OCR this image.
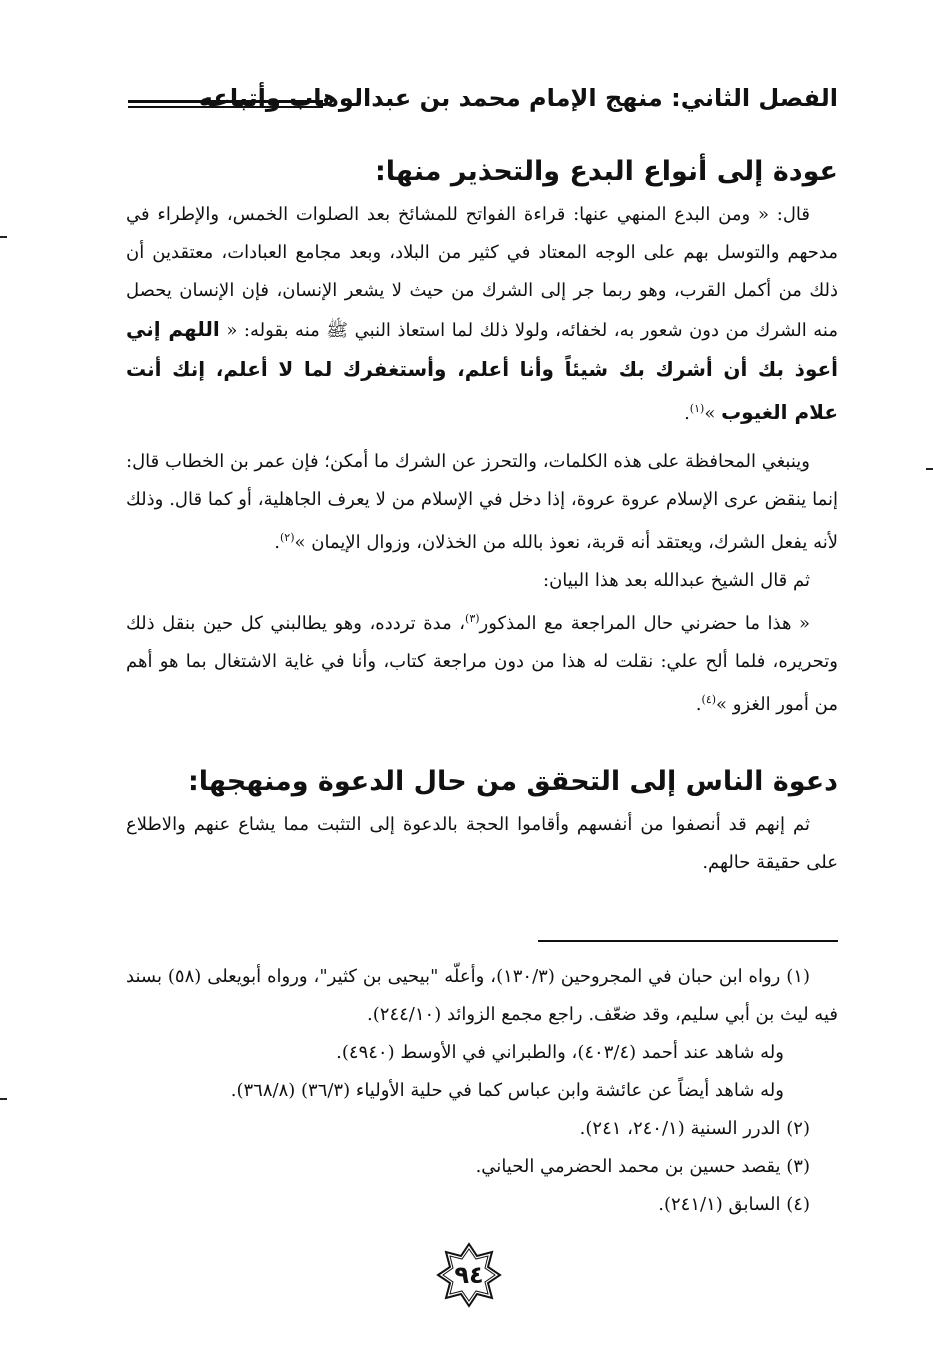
الفصل الثاني: منهج الإمام محمد بن عبدالوهاب وأتباعه
عودة إلى أنواع البدع والتحذير منها:

قال: « ومن البدع المنهي عنها: قراءة الفواتح للمشائخ بعد الصلوات الخمس، والإطراء في مدحهم والتوسل بهم على الوجه المعتاد في كثير من البلاد، وبعد مجامع العبادات، معتقدين أن ذلك من أكمل القرب، وهو ربما جر إلى الشرك من حيث لا يشعر الإنسان، فإن الإنسان يحصل منه الشرك من دون شعور به، لخفائه، ولولا ذلك لما استعاذ النبي ﷺ منه بقوله: « اللهم إني أعوذ بك أن أشرك بك شيئاً وأنا أعلم، وأستغفرك لما لا أعلم، إنك أنت علام الغيوب »$^{(١)}$.

وينبغي المحافظة على هذه الكلمات، والتحرز عن الشرك ما أمكن؛ فإن عمر بن الخطاب قال: إنما ينقض عرى الإسلام عروة عروة، إذا دخل في الإسلام من لا يعرف الجاهلية، أو كما قال. وذلك لأنه يفعل الشرك، ويعتقد أنه قربة، نعوذ بالله من الخذلان، وزوال الإيمان »$^{(٢)}$.

ثم قال الشيخ عبدالله بعد هذا البيان:

« هذا ما حضرني حال المراجعة مع المذكور$^{(٣)}$، مدة تردده، وهو يطالبني كل حين بنقل ذلك وتحريره، فلما ألح علي: نقلت له هذا من دون مراجعة كتاب، وأنا في غاية الاشتغال بما هو أهم من أمور الغزو »$^{(٤)}$.

دعوة الناس إلى التحقق من حال الدعوة ومنهجها:

ثم إنهم قد أنصفوا من أنفسهم وأقاموا الحجة بالدعوة إلى التثبت مما يشاع عنهم والاطلاع على حقيقة حالهم.

(١) رواه ابن حبان في المجروحين (١٣٠/٣)، وأعلّه "بيحيى بن كثير"، ورواه أبويعلى (٥٨) بسند فيه ليث بن أبي سليم، وقد ضعّف. راجع مجمع الزوائد (٢٤٤/١٠).

وله شاهد عند أحمد (٤٠٣/٤)، والطبراني في الأوسط (٤٩٤٠).

وله شاهد أيضاً عن عائشة وابن عباس كما في حلية الأولياء (٣٦/٣) (٣٦٨/٨).

(٢) الدرر السنية (٢٤٠/١، ٢٤١).

(٣) يقصد حسين بن محمد الحضرمي الحياني.

(٤) السابق (٢٤١/١).

٩٤
